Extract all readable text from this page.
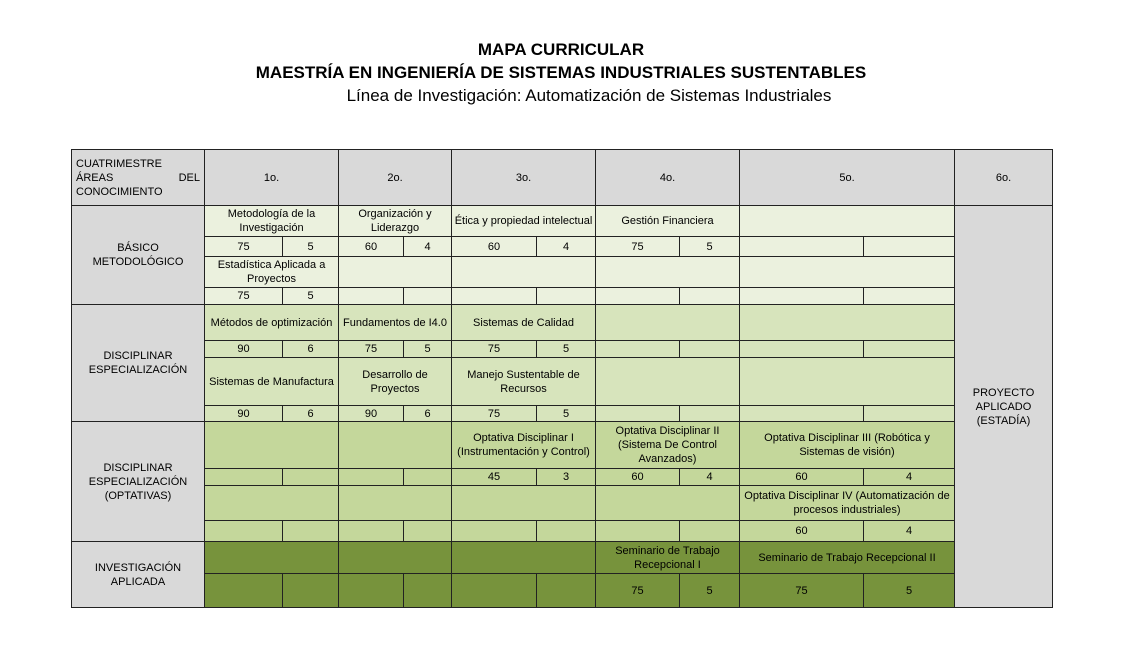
MAPA CURRICULAR
MAESTRÍA EN INGENIERÍA DE SISTEMAS INDUSTRIALES SUSTENTABLES
Línea de Investigación: Automatización de Sistemas Industriales
CUATRIMESTRE
ÁREAS DEL
CONOCIMIENTO	1o.		2o.		3o.		4o.		5o.		6o.
BÁSICO METODOLÓGICO	Metodología de la Investigación		Organización y Liderazgo		Ética y propiedad intelectual		Gestión Financiera				PROYECTO APLICADO (ESTADÍA)
	75	5	60	4	60	4	75	5			
	Estadística Aplicada a Proyectos										
	75	5									
DISCIPLINAR ESPECIALIZACIÓN	Métodos de optimización		Fundamentos de I4.0		Sistemas de Calidad						
	90	6	75	5	75	5					
	Sistemas de Manufactura		Desarrollo de Proyectos		Manejo Sustentable de Recursos						
	90	6	90	6	75	5					
DISCIPLINAR ESPECIALIZACIÓN (OPTATIVAS)					Optativa Disciplinar I (Instrumentación y Control)		Optativa Disciplinar II (Sistema De Control Avanzados)		Optativa Disciplinar III (Robótica y Sistemas de visión)		
					45	3	60	4	60	4	
									Optativa Disciplinar IV (Automatización de procesos industriales)		
									60	4	
INVESTIGACIÓN APLICADA							Seminario de Trabajo Recepcional I		Seminario de Trabajo Recepcional II		
							75	5	75	5	
